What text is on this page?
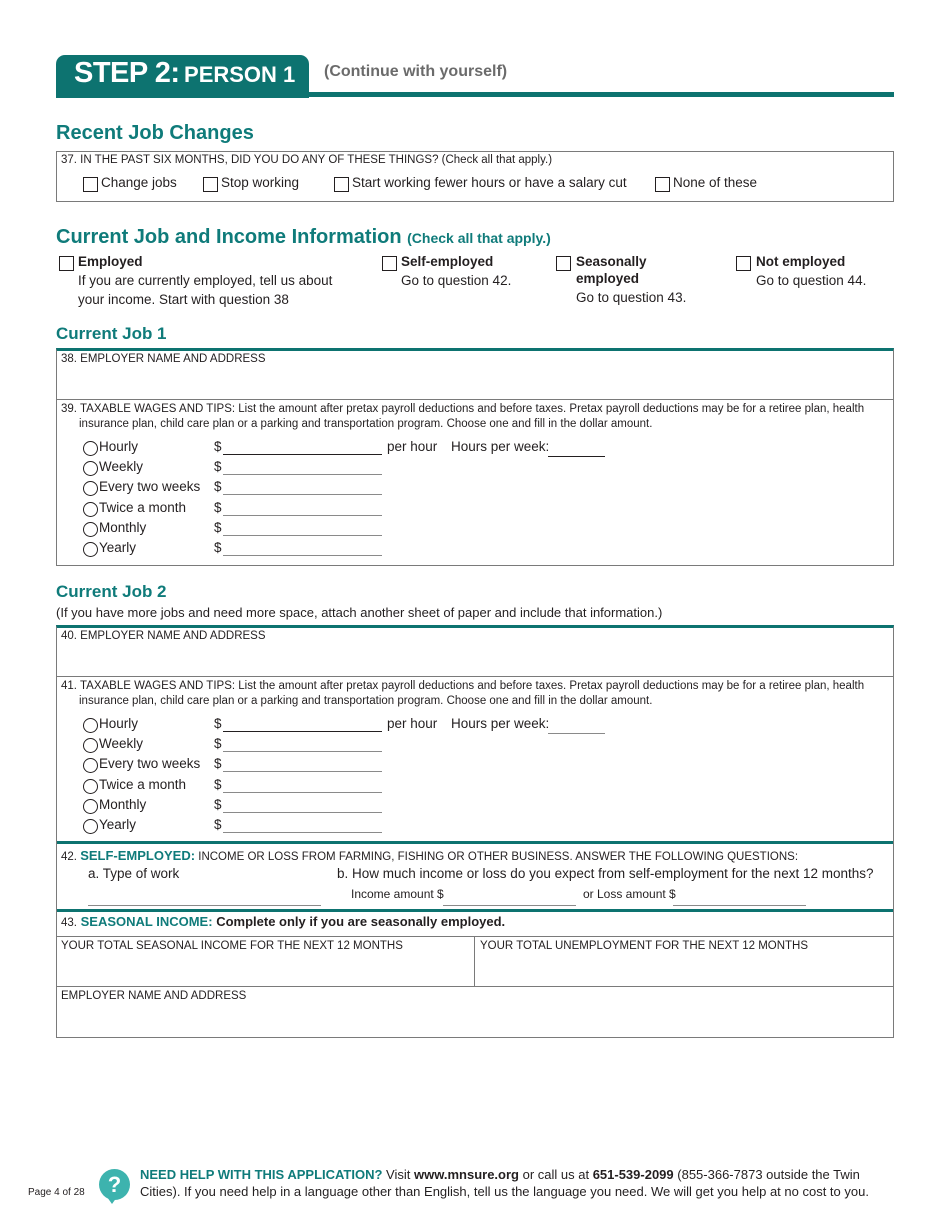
STEP 2: PERSON 1	(Continue with yourself)
Recent Job Changes
37. IN THE PAST SIX MONTHS, DID YOU DO ANY OF THESE THINGS? (Check all that apply.)
Change jobs	Stop working	Start working fewer hours or have a salary cut	None of these
Current Job and Income Information (Check all that apply.)
Employed
If you are currently employed, tell us about
your income. Start with question 38
Self-employed
Go to question 42.
Seasonally
employed
Go to question 43.
Not employed
Go to question 44.
Current Job 1
38. EMPLOYER NAME AND ADDRESS
39. TAXABLE WAGES AND TIPS: List the amount after pretax payroll deductions and before taxes. Pretax payroll deductions may be for a retiree plan, health
insurance plan, child care plan or a parking and transportation program. Choose one and fill in the dollar amount.
Hourly	$	per hour Hours per week:
Weekly	$
Every two weeks $
Twice a month $
Monthly	$
Yearly	$
Current Job 2
(If you have more jobs and need more space, attach another sheet of paper and include that information.)
40. EMPLOYER NAME AND ADDRESS
41. TAXABLE WAGES AND TIPS: List the amount after pretax payroll deductions and before taxes. Pretax payroll deductions may be for a retiree plan, health
insurance plan, child care plan or a parking and transportation program. Choose one and fill in the dollar amount.
Hourly	$	per hour Hours per week:
Weekly	$
Every two weeks $
Twice a month $
Monthly	$
Yearly	$
42. SELF-EMPLOYED: INCOME OR LOSS FROM FARMING, FISHING OR OTHER BUSINESS. ANSWER THE FOLLOWING QUESTIONS:
a. Type of work	b. How much income or loss do you expect from self-employment for the next 12 months?
Income amount $	or Loss amount $
43. SEASONAL INCOME: Complete only if you are seasonally employed.
YOUR TOTAL SEASONAL INCOME FOR THE NEXT 12 MONTHS	YOUR TOTAL UNEMPLOYMENT FOR THE NEXT 12 MONTHS
EMPLOYER NAME AND ADDRESS
Page 4 of 28	?	NEED HELP WITH THIS APPLICATION? Visit www.mnsure.org or call us at 651-539-2099 (855-366-7873 outside the Twin Cities). If you need help in a language other than English, tell us the language you need. We will get you help at no cost to you.
